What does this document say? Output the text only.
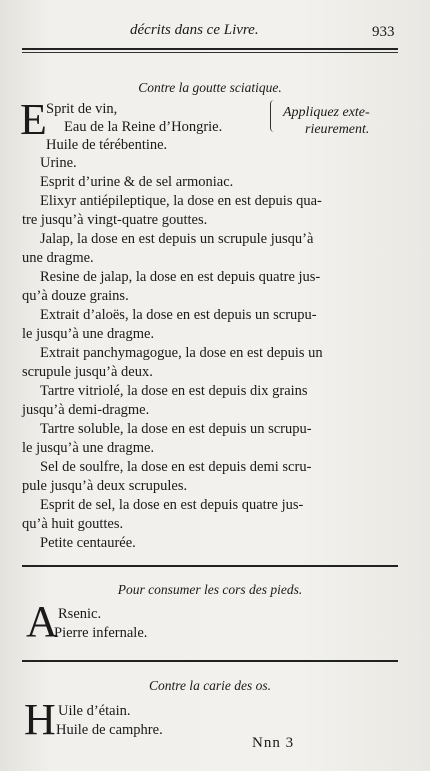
décrits dans ce Livre.	933
Contre la goutte sciatique.
E	Appliquez exte-
rieurement.
Sprit de vin,
Eau de la Reine d’Hongrie.
Huile de térébentine.
Urine.
Esprit d’urine & de sel armoniac.
Elixyr antiépileptique, la dose en est depuis qua-
tre jusqu’à vingt-quatre gouttes.
Jalap, la dose en est depuis un scrupule jusqu’à
une dragme.
Resine de jalap, la dose en est depuis quatre jus-
qu’à douze grains.
Extrait d’aloës, la dose en est depuis un scrupu-
le jusqu’à une dragme.
Extrait panchymagogue, la dose en est depuis un
scrupule jusqu’à deux.
Tartre vitriolé, la dose en est depuis dix grains
jusqu’à demi-dragme.
Tartre soluble, la dose en est depuis un scrupu-
le jusqu’à une dragme.
Sel de soulfre, la dose en est depuis demi scru-
pule jusqu’à deux scrupules.
Esprit de sel, la dose en est depuis quatre jus-
qu’à huit gouttes.
Petite centaurée.
Pour consumer les cors des pieds.
A Rsenic.
Pierre infernale.
Contre la carie des os.
H Uile d’étain.
Huile de camphre.
Nnn 3
